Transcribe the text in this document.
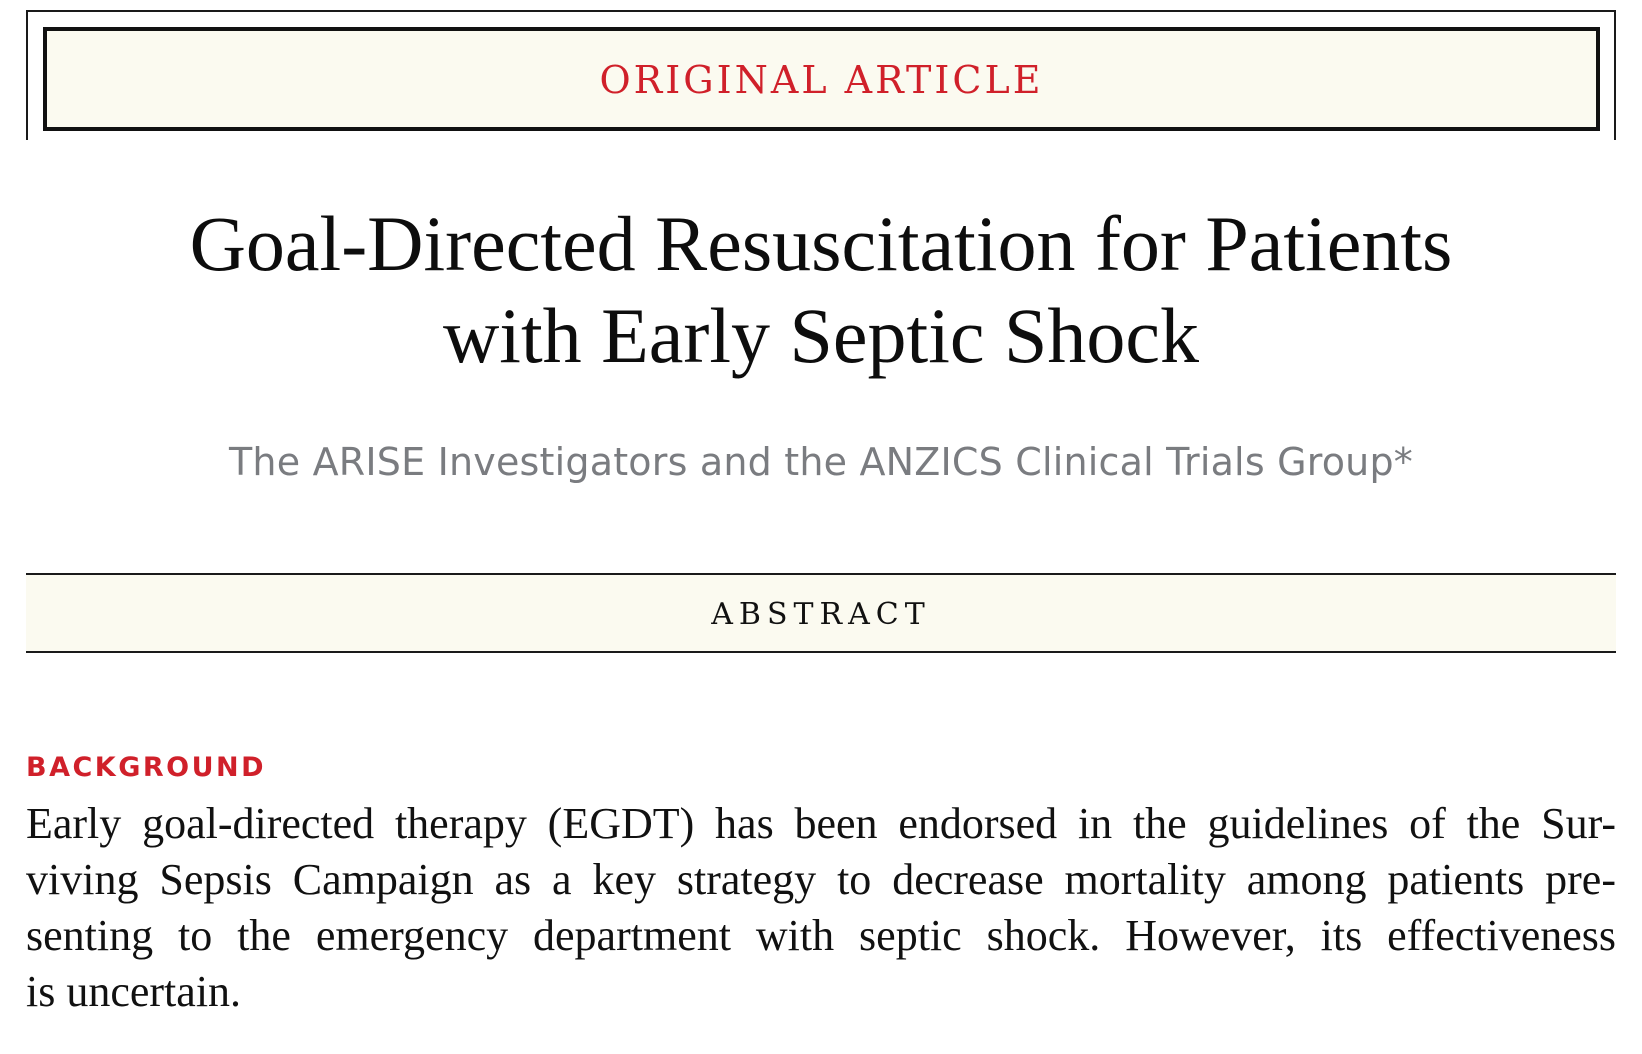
ORIGINAL ARTICLE
Goal-Directed Resuscitation for Patients
with Early Septic Shock
The ARISE Investigators and the ANZICS Clinical Trials Group*
ABSTRACT
BACKGROUND

Early goal-directed therapy (EGDT) has been endorsed in the guidelines of the Sur-
viving Sepsis Campaign as a key strategy to decrease mortality among patients pre-
senting to the emergency department with septic shock. However, its effectiveness
is uncertain.
